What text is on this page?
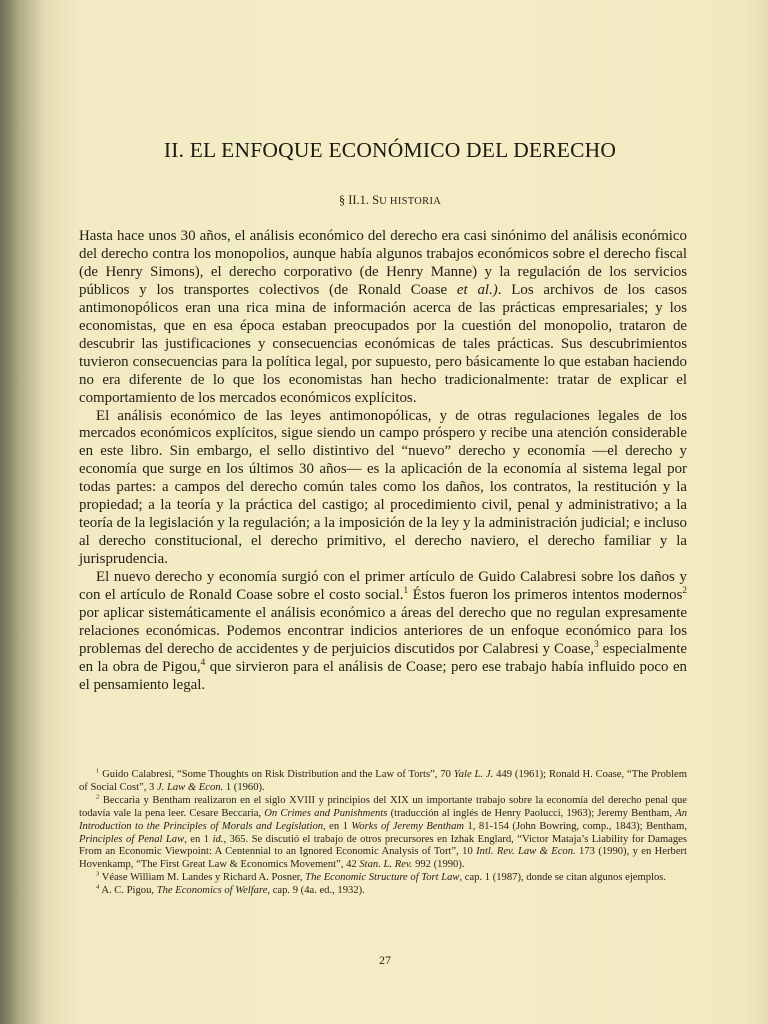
II. EL ENFOQUE ECONÓMICO DEL DERECHO
§ II.1. SU HISTORIA

Hasta hace unos 30 años, el análisis económico del derecho era casi sinónimo del análisis económico del derecho contra los monopolios, aunque había algunos trabajos económicos sobre el derecho fiscal (de Henry Simons), el derecho corporativo (de Henry Manne) y la regulación de los servicios públicos y los transportes colectivos (de Ronald Coase et al.). Los archivos de los casos antimonopólicos eran una rica mina de información acerca de las prácticas empresariales; y los economistas, que en esa época estaban preocupados por la cuestión del monopolio, trataron de descubrir las justificaciones y consecuencias económicas de tales prácticas. Sus descubrimientos tuvieron consecuencias para la política legal, por supuesto, pero básicamente lo que estaban haciendo no era diferente de lo que los economistas han hecho tradicionalmente: tratar de explicar el comportamiento de los mercados económicos explícitos.

El análisis económico de las leyes antimonopólicas, y de otras regulaciones legales de los mercados económicos explícitos, sigue siendo un campo próspero y recibe una atención considerable en este libro. Sin embargo, el sello distintivo del “nuevo” derecho y economía —el derecho y economía que surge en los últimos 30 años— es la aplicación de la economía al sistema legal por todas partes: a campos del derecho común tales como los daños, los contratos, la restitución y la propiedad; a la teoría y la práctica del castigo; al procedimiento civil, penal y administrativo; a la teoría de la legislación y la regulación; a la imposición de la ley y la administración judicial; e incluso al derecho constitucional, el derecho primitivo, el derecho naviero, el derecho familiar y la jurisprudencia.

El nuevo derecho y economía surgió con el primer artículo de Guido Calabresi sobre los daños y con el artículo de Ronald Coase sobre el costo social.$^1$ Éstos fueron los primeros intentos modernos$^2$ por aplicar sistemáticamente el análisis económico a áreas del derecho que no regulan expresamente relaciones económicas. Podemos encontrar indicios anteriores de un enfoque económico para los problemas del derecho de accidentes y de perjuicios discutidos por Calabresi y Coase,$^3$ especialmente en la obra de Pigou,$^4$ que sirvieron para el análisis de Coase; pero ese trabajo había influido poco en el pensamiento legal.

$^1$ Guido Calabresi, “Some Thoughts on Risk Distribution and the Law of Torts”, 70 Yale L. J. 449 (1961); Ronald H. Coase, “The Problem of Social Cost”, 3 J. Law & Econ. 1 (1960).

$^2$ Beccaria y Bentham realizaron en el siglo XVIII y principios del XIX un importante trabajo sobre la economía del derecho penal que todavía vale la pena leer. Cesare Beccaria, On Crimes and Punishments (traducción al inglés de Henry Paolucci, 1963); Jeremy Bentham, An Introduction to the Principles of Morals and Legislation, en 1 Works of Jeremy Bentham 1, 81-154 (John Bowring, comp., 1843); Bentham, Principles of Penal Law, en 1 id., 365. Se discutió el trabajo de otros precursores en Izhak Englard, “Victor Mataja’s Liability for Damages From an Economic Viewpoint: A Centennial to an Ignored Economic Analysis of Tort”, 10 Intl. Rev. Law & Econ. 173 (1990), y en Herbert Hovenkamp, “The First Great Law & Economics Movement”, 42 Stan. L. Rev. 992 (1990).

$^3$ Véase William M. Landes y Richard A. Posner, The Economic Structure of Tort Law, cap. 1 (1987), donde se citan algunos ejemplos.

$^4$ A. C. Pigou, The Economics of Welfare, cap. 9 (4a. ed., 1932).

27
